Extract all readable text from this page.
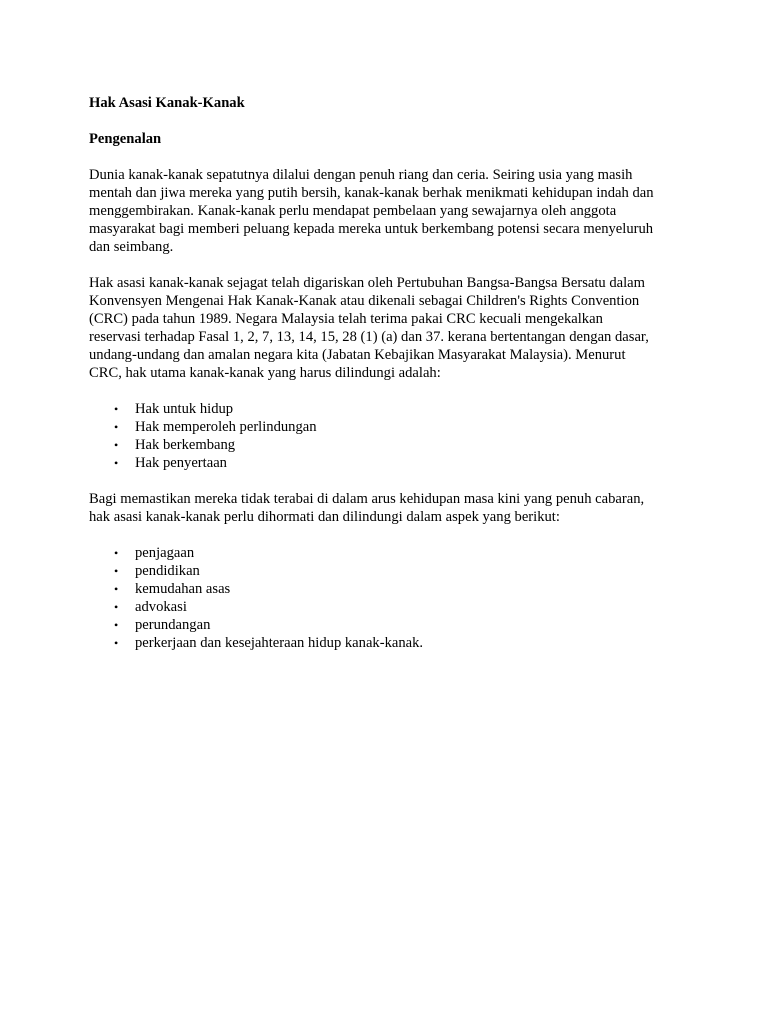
Hak Asasi Kanak-Kanak
Pengenalan
Dunia kanak-kanak sepatutnya dilalui dengan penuh riang dan ceria. Seiring usia yang masih
mentah dan jiwa mereka yang putih bersih, kanak-kanak berhak menikmati kehidupan indah dan
menggembirakan. Kanak-kanak perlu mendapat pembelaan yang sewajarnya oleh anggota
masyarakat bagi memberi peluang kepada mereka untuk berkembang potensi secara menyeluruh
dan seimbang.
Hak asasi kanak-kanak sejagat telah digariskan oleh Pertubuhan Bangsa-Bangsa Bersatu dalam
Konvensyen Mengenai Hak Kanak-Kanak atau dikenali sebagai Children's Rights Convention
(CRC) pada tahun 1989. Negara Malaysia telah terima pakai CRC kecuali mengekalkan
reservasi terhadap Fasal 1, 2, 7, 13, 14, 15, 28 (1) (a) dan 37. kerana bertentangan dengan dasar,
undang-undang dan amalan negara kita (Jabatan Kebajikan Masyarakat Malaysia). Menurut
CRC, hak utama kanak-kanak yang harus dilindungi adalah:
• Hak untuk hidup
• Hak memperoleh perlindungan
• Hak berkembang
• Hak penyertaan
Bagi memastikan mereka tidak terabai di dalam arus kehidupan masa kini yang penuh cabaran,
hak asasi kanak-kanak perlu dihormati dan dilindungi dalam aspek yang berikut:
• penjagaan
• pendidikan
• kemudahan asas
• advokasi
• perundangan
• perkerjaan dan kesejahteraan hidup kanak-kanak.
